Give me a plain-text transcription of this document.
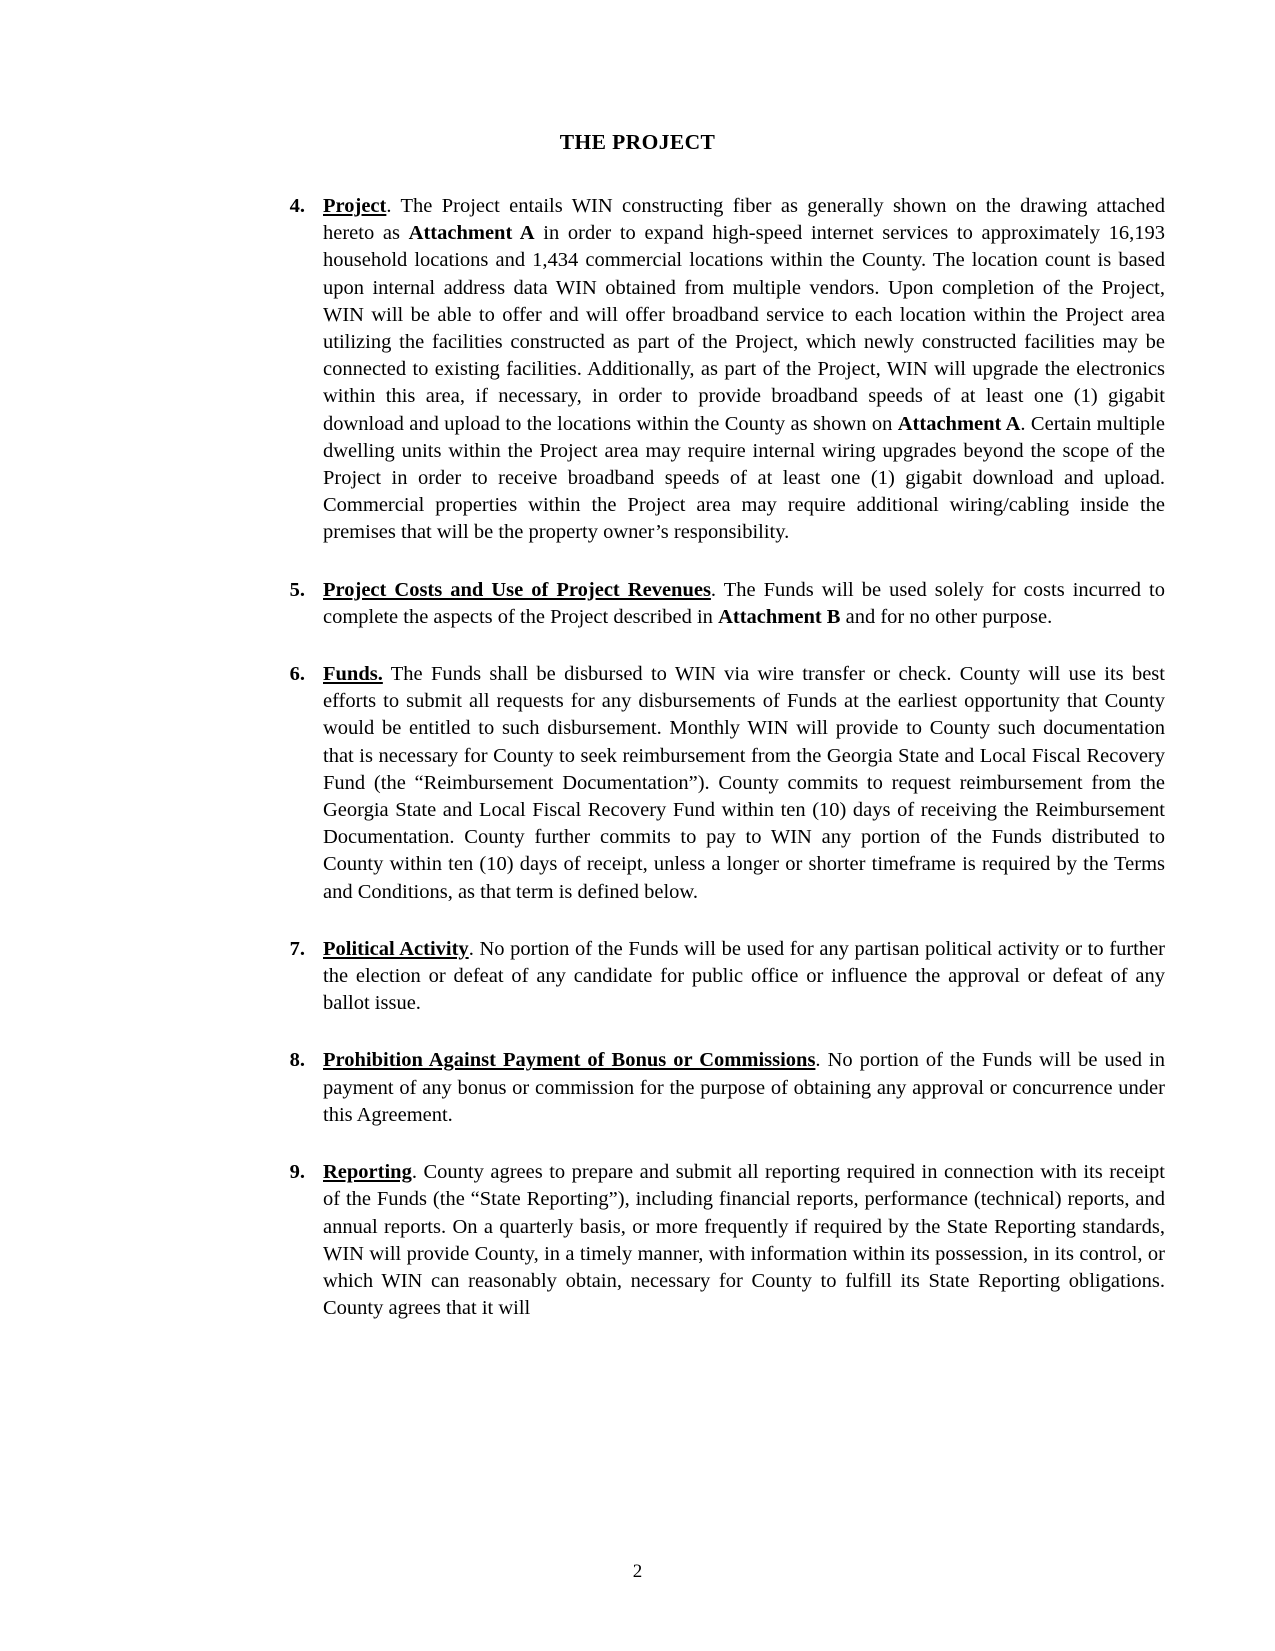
THE PROJECT
4. Project. The Project entails WIN constructing fiber as generally shown on the drawing attached hereto as Attachment A in order to expand high-speed internet services to approximately 16,193 household locations and 1,434 commercial locations within the County. The location count is based upon internal address data WIN obtained from multiple vendors. Upon completion of the Project, WIN will be able to offer and will offer broadband service to each location within the Project area utilizing the facilities constructed as part of the Project, which newly constructed facilities may be connected to existing facilities. Additionally, as part of the Project, WIN will upgrade the electronics within this area, if necessary, in order to provide broadband speeds of at least one (1) gigabit download and upload to the locations within the County as shown on Attachment A. Certain multiple dwelling units within the Project area may require internal wiring upgrades beyond the scope of the Project in order to receive broadband speeds of at least one (1) gigabit download and upload. Commercial properties within the Project area may require additional wiring/cabling inside the premises that will be the property owner’s responsibility.
5. Project Costs and Use of Project Revenues. The Funds will be used solely for costs incurred to complete the aspects of the Project described in Attachment B and for no other purpose.
6. Funds. The Funds shall be disbursed to WIN via wire transfer or check. County will use its best efforts to submit all requests for any disbursements of Funds at the earliest opportunity that County would be entitled to such disbursement. Monthly WIN will provide to County such documentation that is necessary for County to seek reimbursement from the Georgia State and Local Fiscal Recovery Fund (the “Reimbursement Documentation”). County commits to request reimbursement from the Georgia State and Local Fiscal Recovery Fund within ten (10) days of receiving the Reimbursement Documentation. County further commits to pay to WIN any portion of the Funds distributed to County within ten (10) days of receipt, unless a longer or shorter timeframe is required by the Terms and Conditions, as that term is defined below.
7. Political Activity. No portion of the Funds will be used for any partisan political activity or to further the election or defeat of any candidate for public office or influence the approval or defeat of any ballot issue.
8. Prohibition Against Payment of Bonus or Commissions. No portion of the Funds will be used in payment of any bonus or commission for the purpose of obtaining any approval or concurrence under this Agreement.
9. Reporting. County agrees to prepare and submit all reporting required in connection with its receipt of the Funds (the “State Reporting”), including financial reports, performance (technical) reports, and annual reports. On a quarterly basis, or more frequently if required by the State Reporting standards, WIN will provide County, in a timely manner, with information within its possession, in its control, or which WIN can reasonably obtain, necessary for County to fulfill its State Reporting obligations. County agrees that it will
2
